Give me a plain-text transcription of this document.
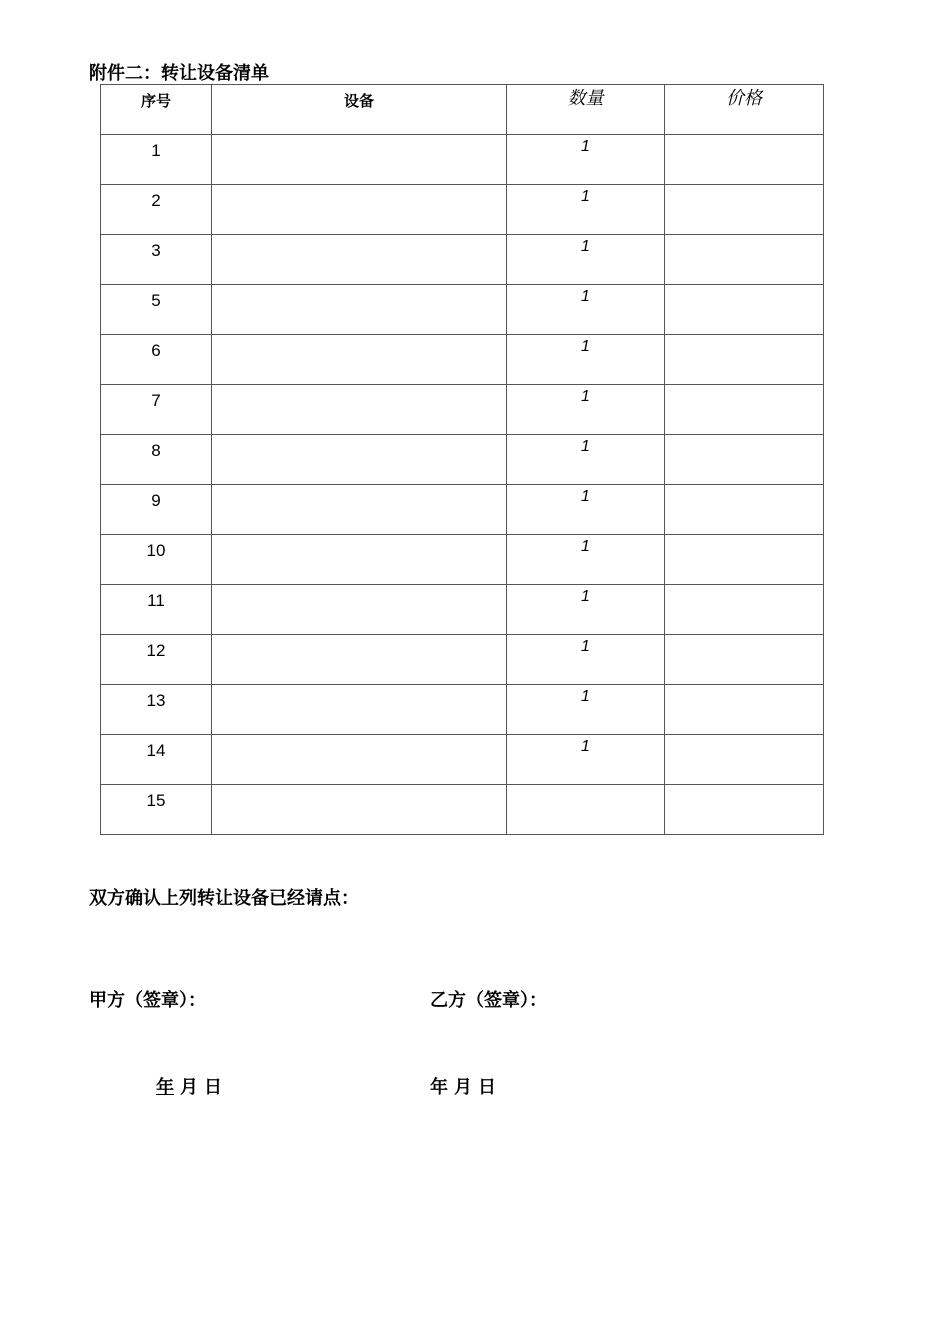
附件二：转让设备清单
序号	设备	数量	价格

1		1	

2		1	

3		1	

5		1	

6		1	

7		1	

8		1	

9		1	

10		1	

11		1	

12		1	

13		1	

14		1	

15			

双方确认上列转让设备已经请点：
甲方（签章）：	乙方（签章）：
年 月 日	年 月 日
